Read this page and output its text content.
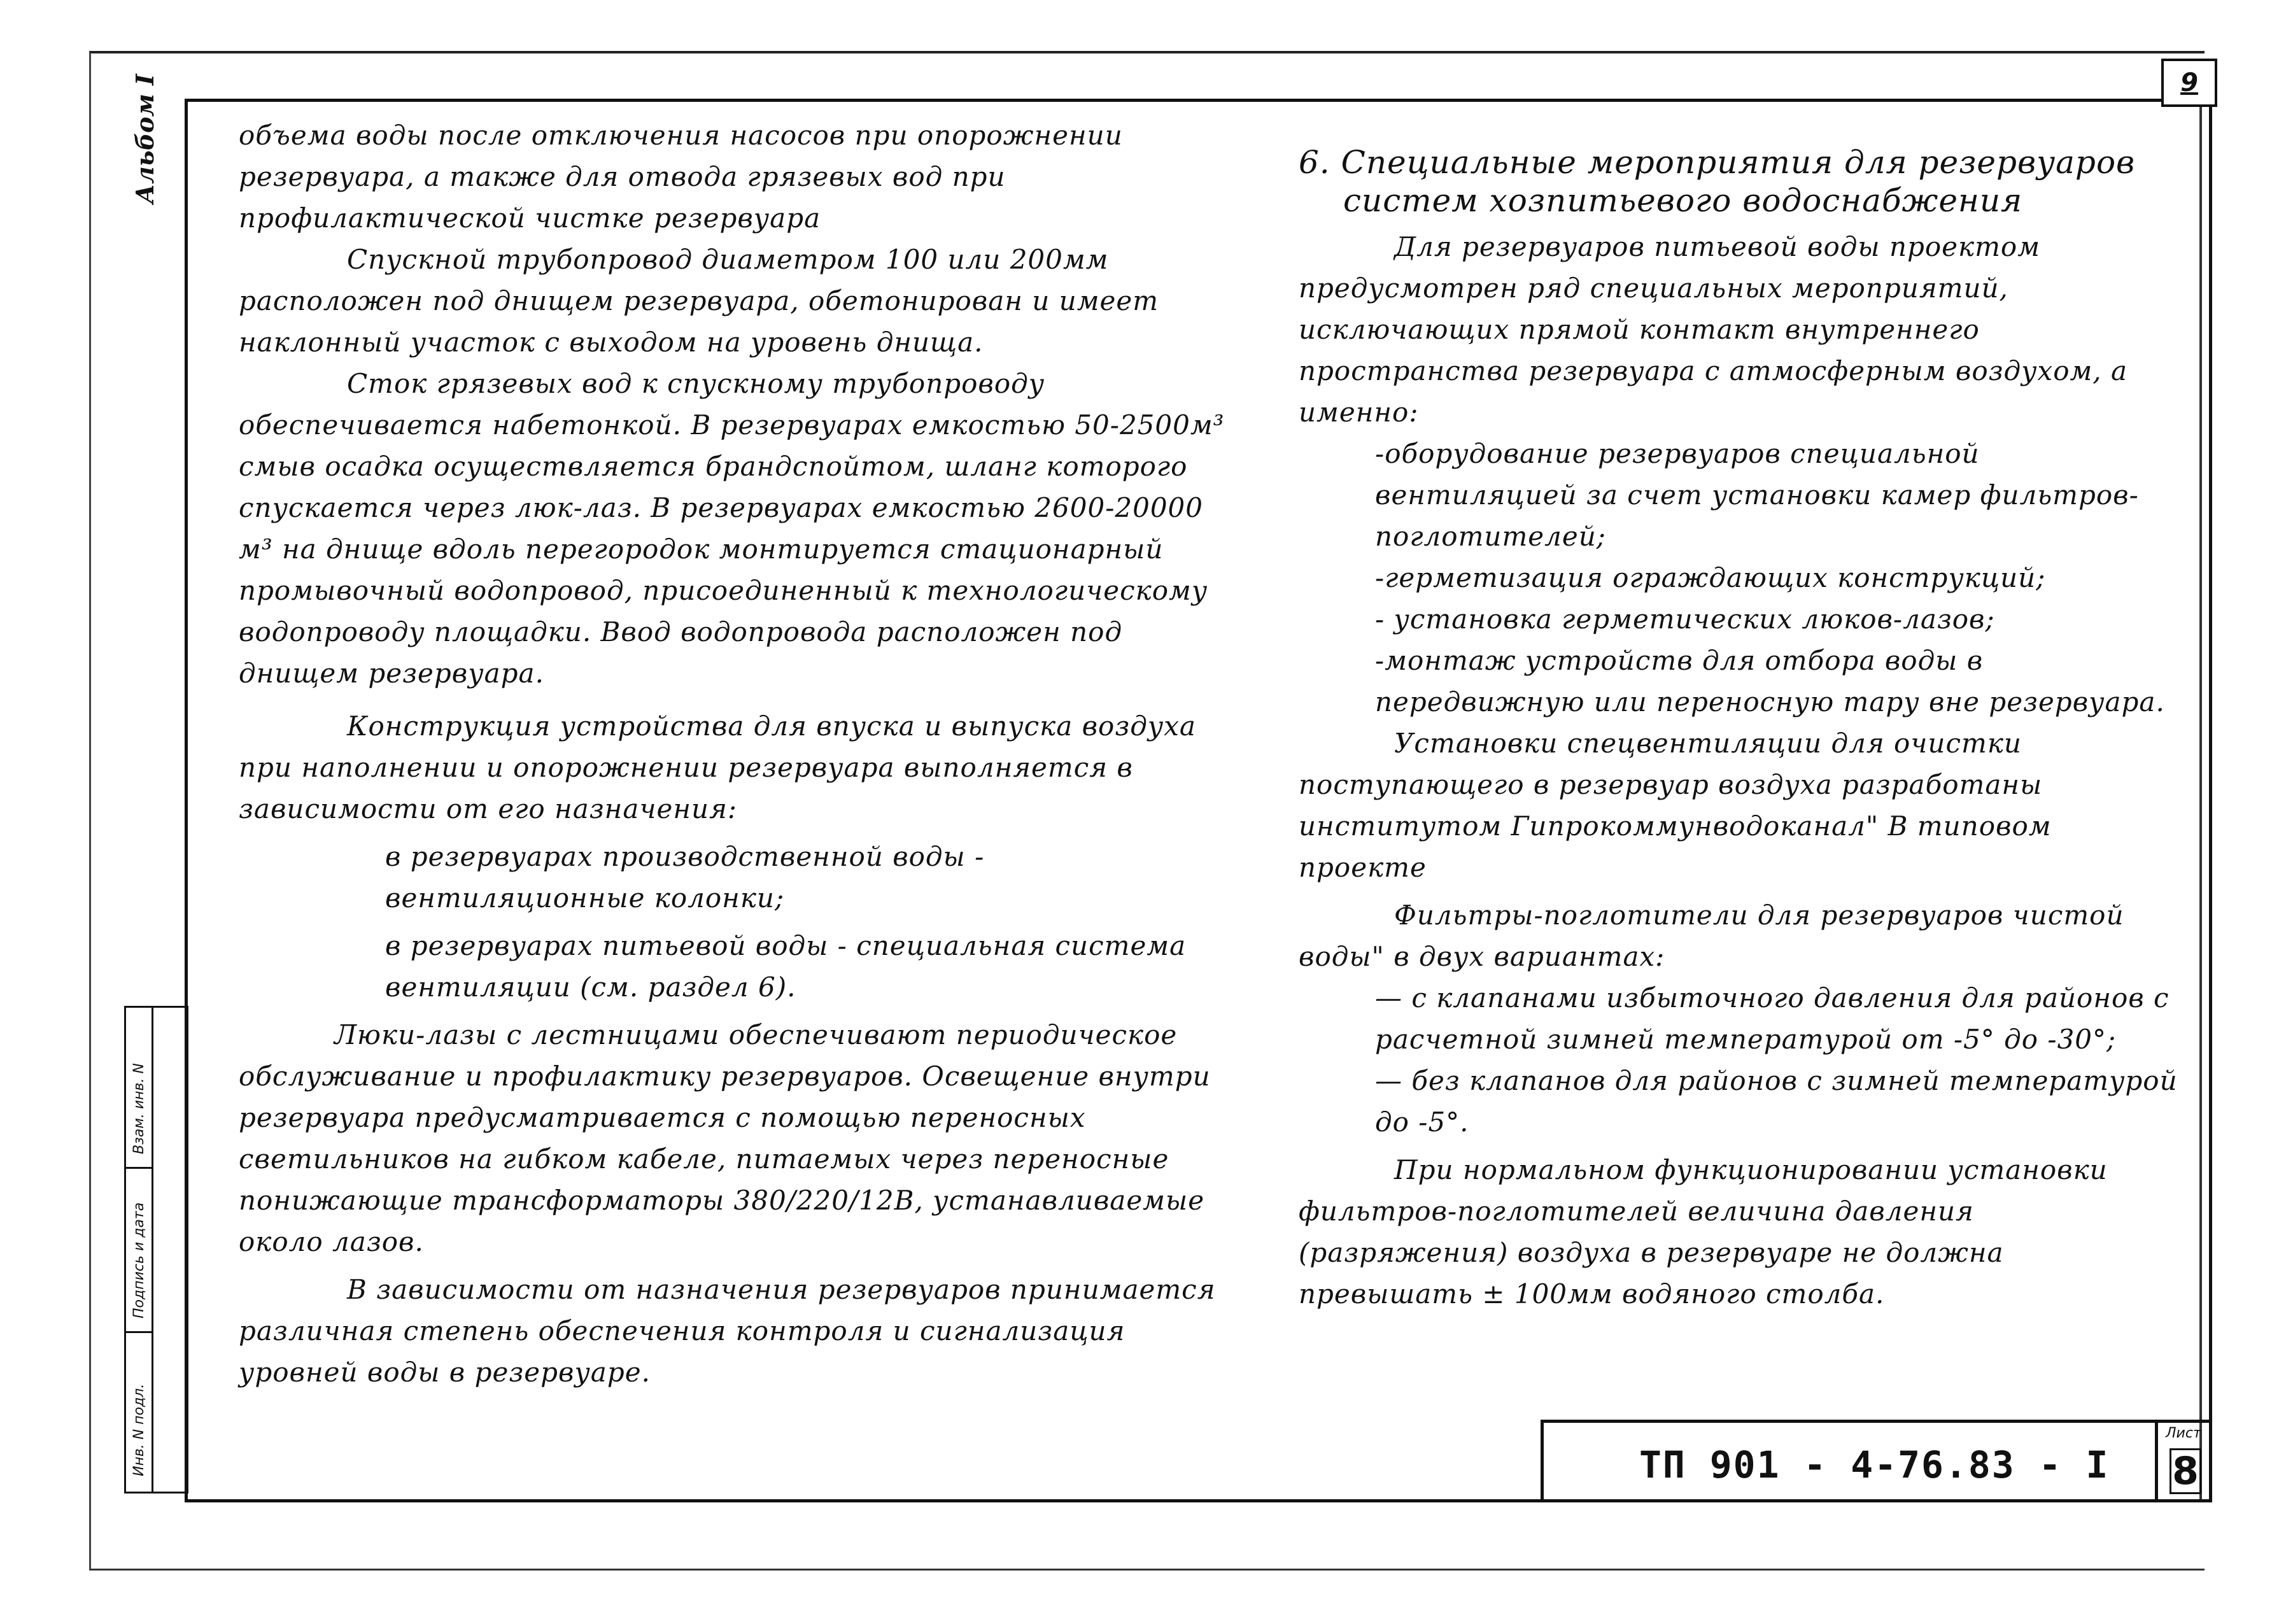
9
Альбом I
Взам. инв. N
Подпись и дата
Инв. N подл.

объема воды после отключения насосов при опорожнении резервуара, а также для отвода грязевых вод при профилактической чистке резервуара

Спускной трубопровод диаметром 100 или 200мм расположен под днищем резервуара, обетонирован и имеет наклонный участок с выходом на уровень днища.

Сток грязевых вод к спускному трубопроводу обеспечивается набетонкой. В резервуарах емкостью 50-2500м³ смыв осадка осуществляется брандспойтом, шланг которого спускается через люк-лаз. В резервуарах емкостью 2600-20000 м³ на днище вдоль перегородок монтируется стационарный промывочный водопровод, присоединенный к технологическому водопроводу площадки. Ввод водопровода расположен под днищем резервуара.

Конструкция устройства для впуска и выпуска воздуха при наполнении и опорожнении резервуара выполняется в зависимости от его назначения:

в резервуарах производственной воды - вентиляционные колонки;

в резервуарах питьевой воды - специальная система вентиляции (см. раздел 6).

Люки-лазы с лестницами обеспечивают периодическое обслуживание и профилактику резервуаров. Освещение внутри резервуара предусматривается с помощью переносных светильников на гибком кабеле, питаемых через переносные понижающие трансформаторы 380/220/12В, устанавливаемые около лазов.

В зависимости от назначения резервуаров принимается различная степень обеспечения контроля и сигнализация уровней воды в резервуаре.

6. Специальные мероприятия для резервуаров
систем хозпитьевого водоснабжения

Для резервуаров питьевой воды проектом предусмотрен ряд специальных мероприятий, исключающих прямой контакт внутреннего пространства резервуара с атмосферным воздухом, а именно:

-оборудование резервуаров специальной вентиляцией за счет установки камер фильтров-поглотителей;

-герметизация ограждающих конструкций;

- установка герметических люков-лазов;

-монтаж устройств для отбора воды в передвижную или переносную тару вне резервуара.

Установки спецвентиляции для очистки поступающего в резервуар воздуха разработаны институтом Гипрокоммунводоканал" В типовом проекте

Фильтры-поглотители для резервуаров чистой воды" в двух вариантах:

— с клапанами избыточного давления для районов с расчетной зимней температурой от -5° до -30°;

— без клапанов для районов с зимней температурой до -5°.

При нормальном функционировании установки фильтров-поглотителей величина давления (разряжения) воздуха в резервуаре не должна превышать ± 100мм водяного столба.

ТП 901 - 4-76.83 - I
Лист
8
